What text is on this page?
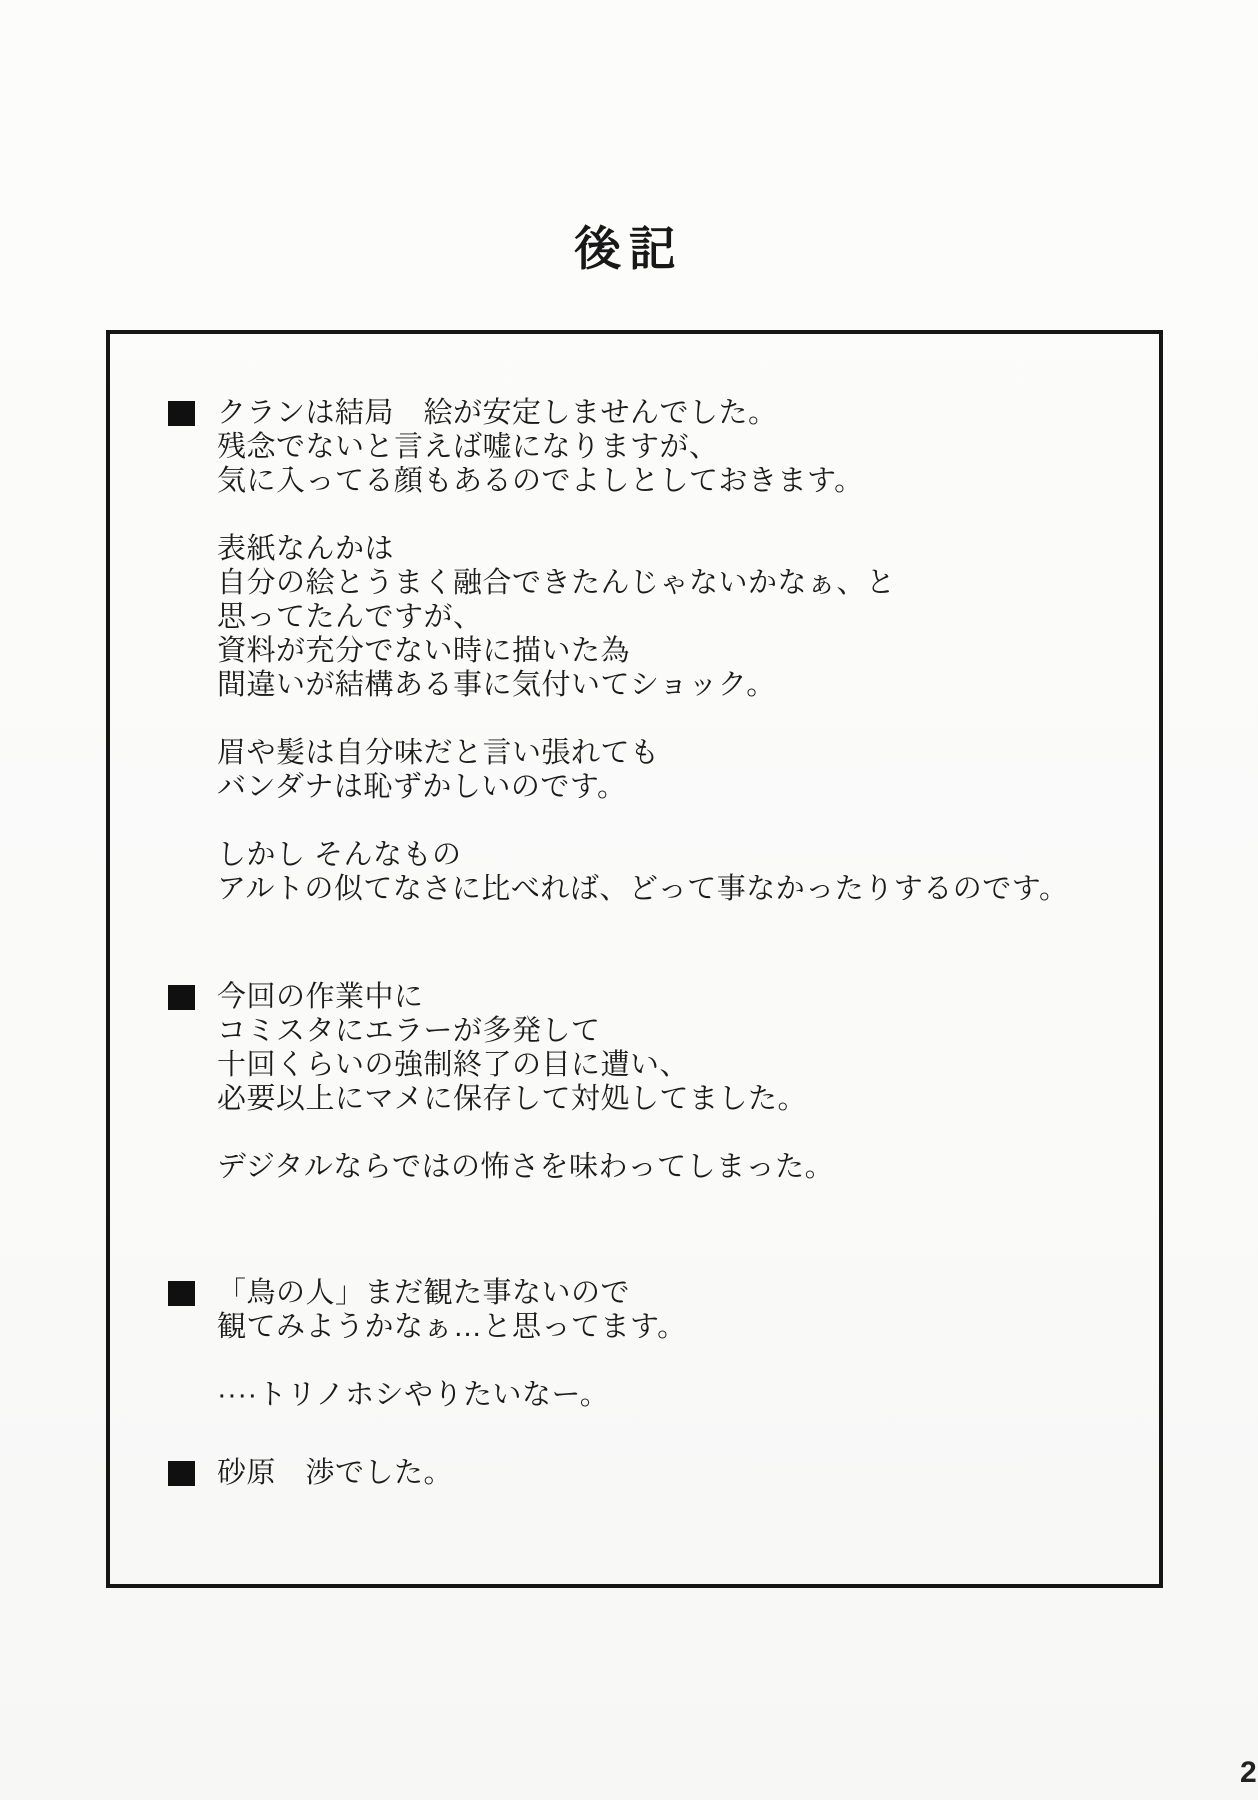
後記
クランは結局　絵が安定しませんでした。
残念でないと言えば嘘になりますが、
気に入ってる顔もあるのでよしとしておきます。
表紙なんかは
自分の絵とうまく融合できたんじゃないかなぁ、と
思ってたんですが、
資料が充分でない時に描いた為
間違いが結構ある事に気付いてショック。
眉や髪は自分味だと言い張れても
バンダナは恥ずかしいのです。
しかし そんなもの
アルトの似てなさに比べれば、どって事なかったりするのです。
今回の作業中に
コミスタにエラーが多発して
十回くらいの強制終了の目に遭い、
必要以上にマメに保存して対処してました。
デジタルならではの怖さを味わってしまった。
「鳥の人」まだ観た事ないので
観てみようかなぁ…と思ってます。
····トリノホシやりたいなー。
砂原　渉でした。
2
